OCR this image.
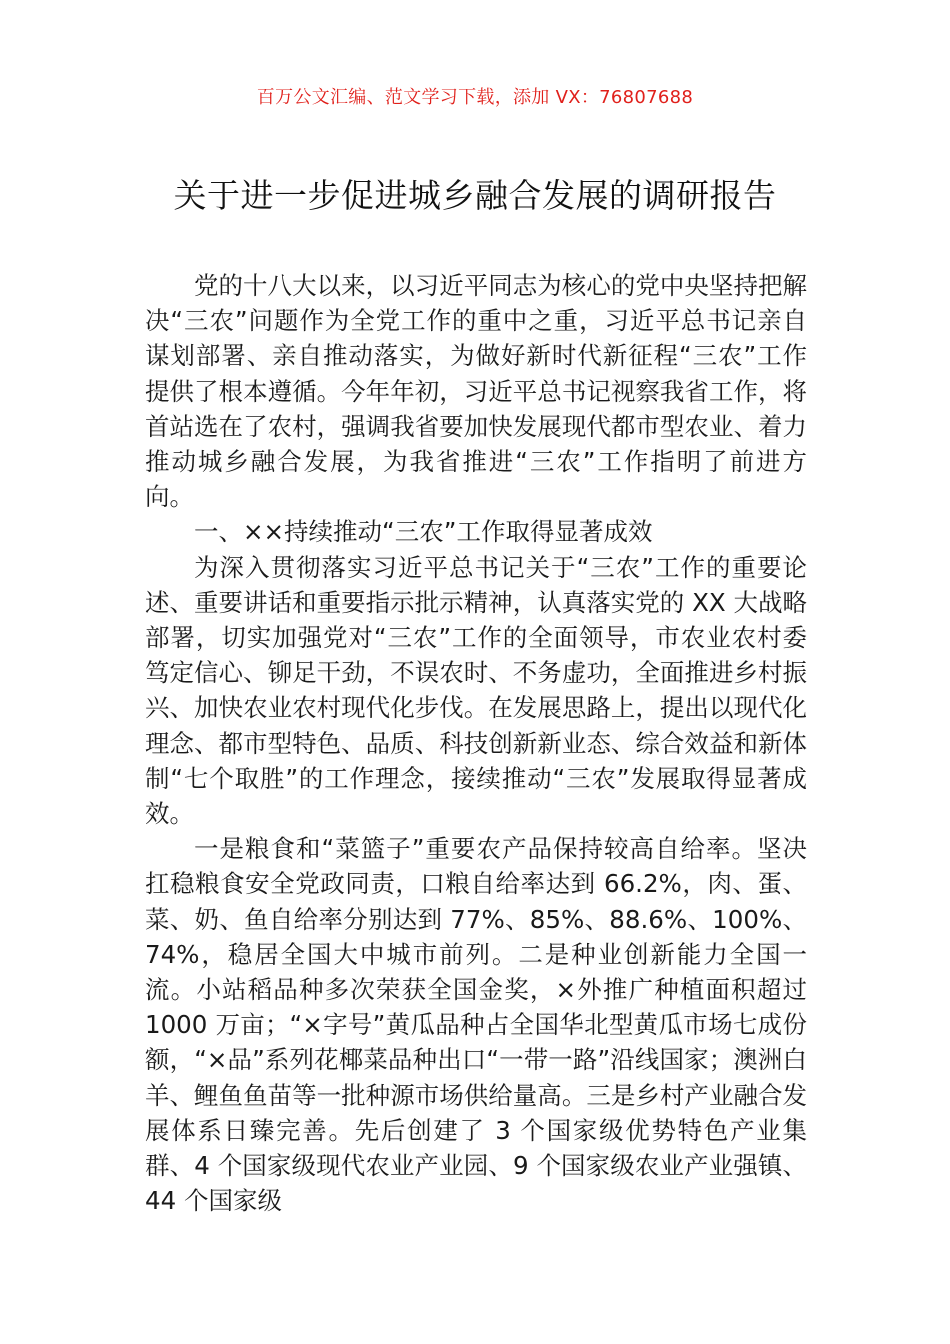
百万公文汇编、范文学习下载，添加 VX：76807688
关于进一步促进城乡融合发展的调研报告

党的十八大以来，以习近平同志为核心的党中央坚持把解决“三农”问题作为全党工作的重中之重，习近平总书记亲自谋划部署、亲自推动落实，为做好新时代新征程“三农”工作提供了根本遵循。今年年初，习近平总书记视察我省工作，将首站选在了农村，强调我省要加快发展现代都市型农业、着力推动城乡融合发展，为我省推进“三农”工作指明了前进方向。

一、××持续推动“三农”工作取得显著成效

为深入贯彻落实习近平总书记关于“三农”工作的重要论述、重要讲话和重要指示批示精神，认真落实党的 XX 大战略部署，切实加强党对“三农”工作的全面领导，市农业农村委笃定信心、铆足干劲，不误农时、不务虚功，全面推进乡村振兴、加快农业农村现代化步伐。在发展思路上，提出以现代化理念、都市型特色、品质、科技创新新业态、综合效益和新体制“七个取胜”的工作理念，接续推动“三农”发展取得显著成效。

一是粮食和“菜篮子”重要农产品保持较高自给率。坚决扛稳粮食安全党政同责，口粮自给率达到 66.2%，肉、蛋、菜、奶、鱼自给率分别达到 77%、85%、88.6%、100%、74%，稳居全国大中城市前列。二是种业创新能力全国一流。小站稻品种多次荣获全国金奖，×外推广种植面积超过 1000 万亩；“×字号”黄瓜品种占全国华北型黄瓜市场七成份额，“×品”系列花椰菜品种出口“一带一路”沿线国家；澳洲白羊、鲤鱼鱼苗等一批种源市场供给量高。三是乡村产业融合发展体系日臻完善。先后创建了 3 个国家级优势特色产业集群、4 个国家级现代农业产业园、9 个国家级农业产业强镇、44 个国家级
